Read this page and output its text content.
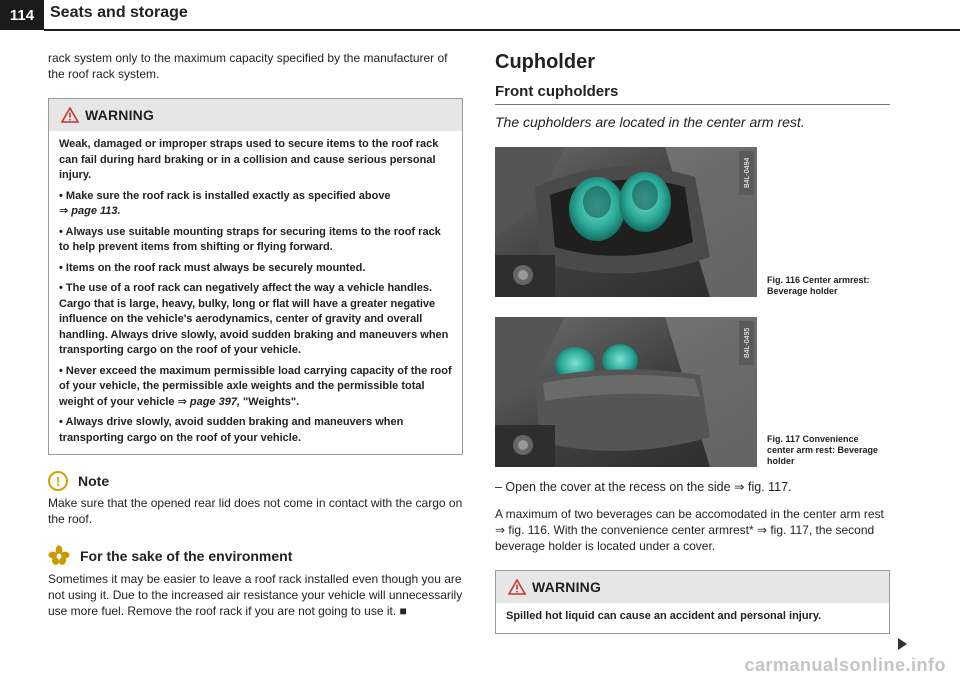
114 Seats and storage

rack system only to the maximum capacity specified by the manufacturer of the roof rack system.

WARNING

Weak, damaged or improper straps used to secure items to the roof rack can fail during hard braking or in a collision and cause serious personal injury.

• Make sure the roof rack is installed exactly as specified above
⇒ page 113.

• Always use suitable mounting straps for securing items to the roof rack to help prevent items from shifting or flying forward.

• Items on the roof rack must always be securely mounted.

• The use of a roof rack can negatively affect the way a vehicle handles. Cargo that is large, heavy, bulky, long or flat will have a greater negative influence on the vehicle's aerodynamics, center of gravity and overall handling. Always drive slowly, avoid sudden braking and maneuvers when transporting cargo on the roof of your vehicle.

• Never exceed the maximum permissible load carrying capacity of the roof of your vehicle, the permissible axle weights and the permissible total weight of your vehicle ⇒ page 397, "Weights".

• Always drive slowly, avoid sudden braking and maneuvers when transporting cargo on the roof of your vehicle.

!	Note

Make sure that the opened rear lid does not come in contact with the cargo on the roof.

For the sake of the environment

Sometimes it may be easier to leave a roof rack installed even though you are not using it. Due to the increased air resistance your vehicle will unnecessarily use more fuel. Remove the roof rack if you are not going to use it. ■

Cupholder
Front cupholders
The cupholders are located in the center arm rest.
B4L-0494
Fig. 116 Center armrest: Beverage holder
B4L-0495
Fig. 117 Convenience center arm rest: Beverage holder
– Open the cover at the recess on the side ⇒ fig. 117.

A maximum of two beverages can be accomodated in the center arm rest ⇒ fig. 116. With the convenience center armrest* ⇒ fig. 117, the second beverage holder is located under a cover.

WARNING

Spilled hot liquid can cause an accident and personal injury.

carmanualsonline.info
